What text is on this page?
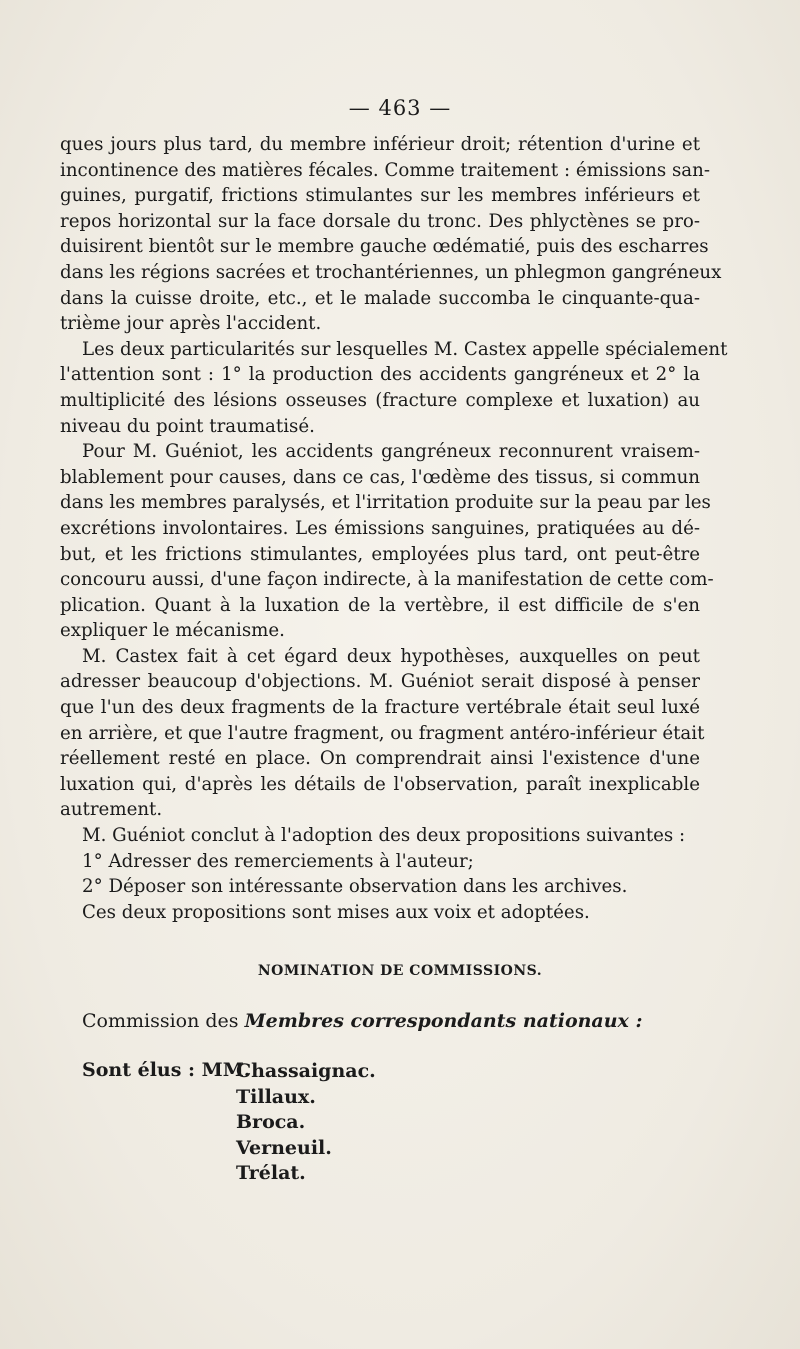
— 463 —
ques jours plus tard, du membre inférieur droit; rétention d'urine et
incontinence des matières fécales. Comme traitement : émissions san-
guines, purgatif, frictions stimulantes sur les membres inférieurs et
repos horizontal sur la face dorsale du tronc. Des phlyctènes se pro-
duisirent bientôt sur le membre gauche œdématié, puis des escharres
dans les régions sacrées et trochantériennes, un phlegmon gangréneux
dans la cuisse droite, etc., et le malade succomba le cinquante-qua-
trième jour après l'accident.
Les deux particularités sur lesquelles M. Castex appelle spécialement
l'attention sont : 1° la production des accidents gangréneux et 2° la
multiplicité des lésions osseuses (fracture complexe et luxation) au
niveau du point traumatisé.
Pour M. Guéniot, les accidents gangréneux reconnurent vraisem-
blablement pour causes, dans ce cas, l'œdème des tissus, si commun
dans les membres paralysés, et l'irritation produite sur la peau par les
excrétions involontaires. Les émissions sanguines, pratiquées au dé-
but, et les frictions stimulantes, employées plus tard, ont peut-être
concouru aussi, d'une façon indirecte, à la manifestation de cette com-
plication. Quant à la luxation de la vertèbre, il est difficile de s'en
expliquer le mécanisme.
M. Castex fait à cet égard deux hypothèses, auxquelles on peut
adresser beaucoup d'objections. M. Guéniot serait disposé à penser
que l'un des deux fragments de la fracture vertébrale était seul luxé
en arrière, et que l'autre fragment, ou fragment antéro-inférieur était
réellement resté en place. On comprendrait ainsi l'existence d'une
luxation qui, d'après les détails de l'observation, paraît inexplicable
autrement.
M. Guéniot conclut à l'adoption des deux propositions suivantes :
1° Adresser des remerciements à l'auteur;
2° Déposer son intéressante observation dans les archives.
Ces deux propositions sont mises aux voix et adoptées.
NOMINATION DE COMMISSIONS.
Commission des Membres correspondants nationaux :
Sont élus : MM.
Chassaignac.
Tillaux.
Broca.
Verneuil.
Trélat.
